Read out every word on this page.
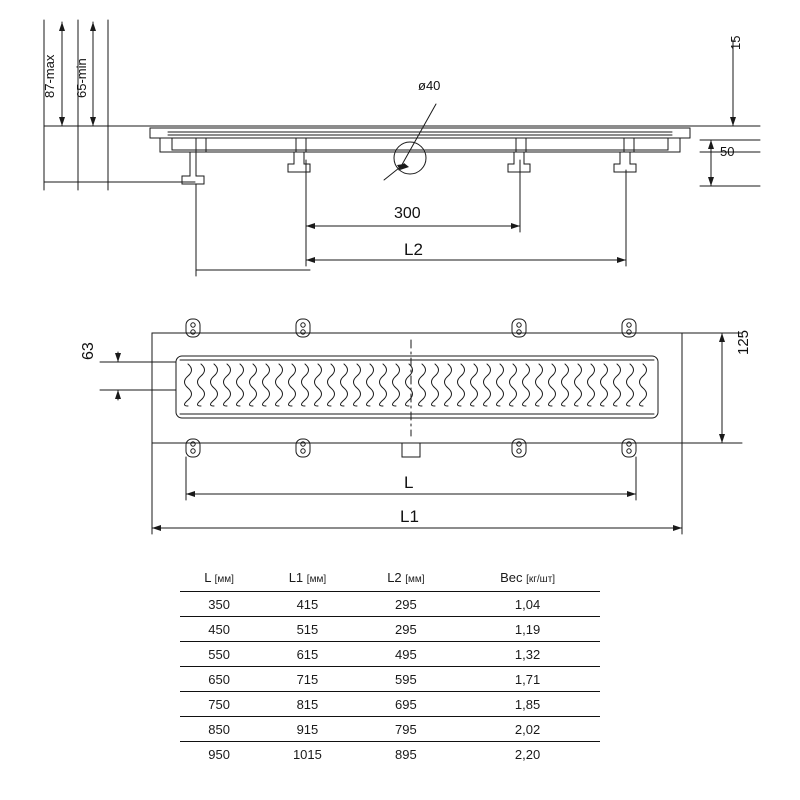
87-max 65-min	ø40
15
50
300
L2
63	125
L
L1
L [мм]	L1 [мм]	L2 [мм]	Вес [кг/шт]
350	415	295	1,04
450	515	295	1,19
550	615	495	1,32
650	715	595	1,71
750	815	695	1,85
850	915	795	2,02
950	1015	895	2,20
